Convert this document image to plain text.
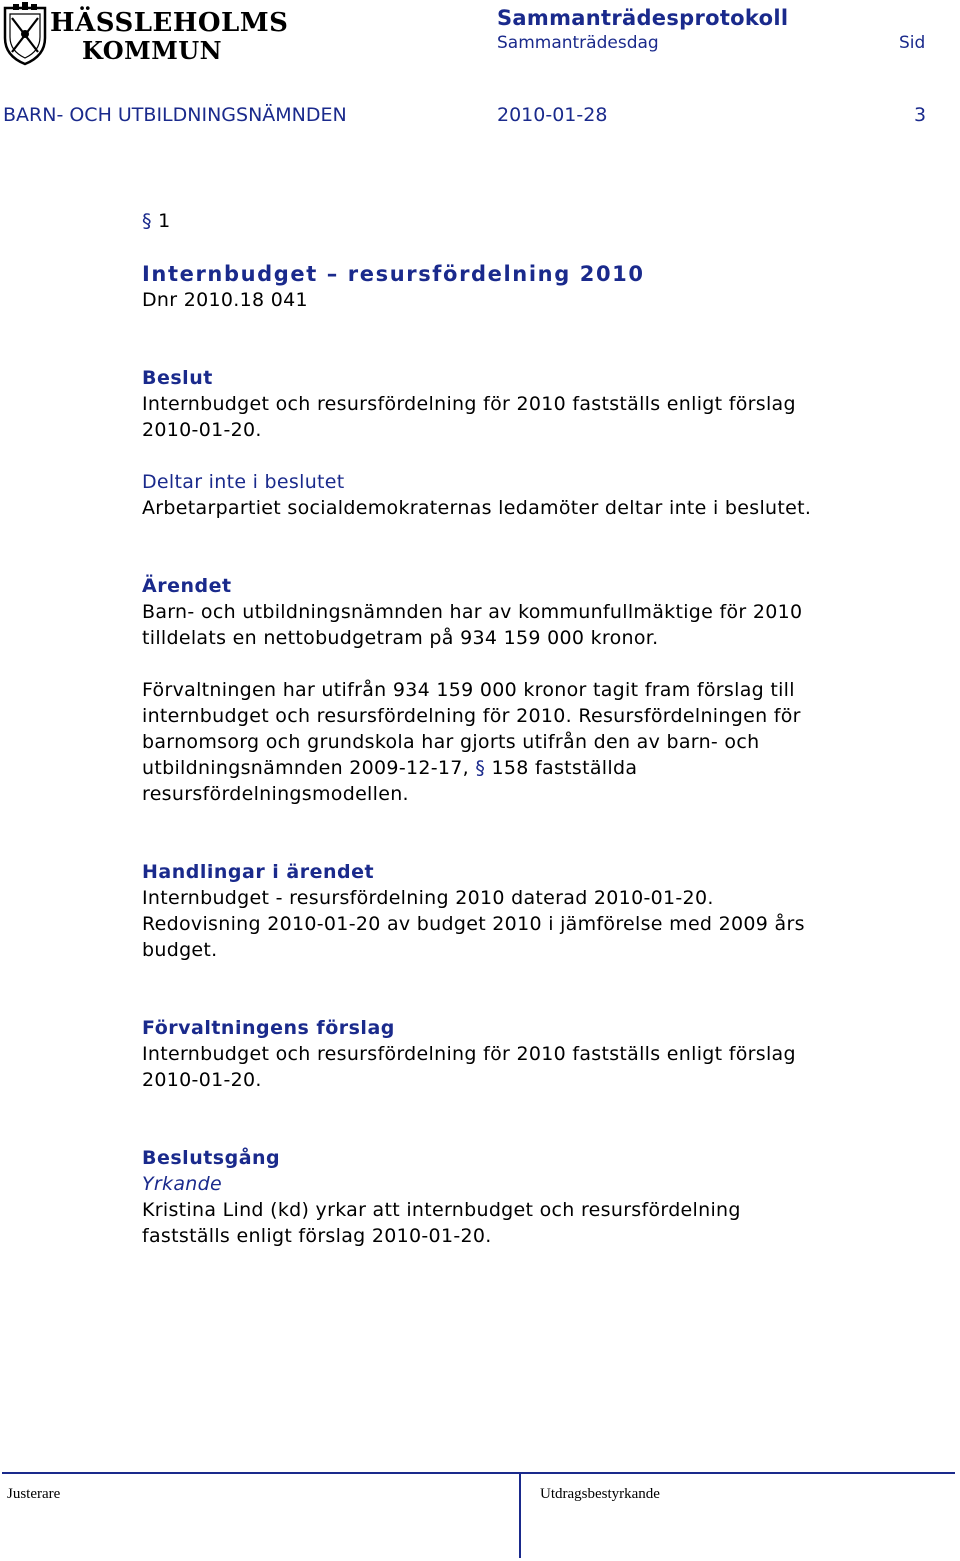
HÄSSLEHOLMS
KOMMUN
Sammanträdesprotokoll
Sammanträdesdag	Sid
BARN- OCH UTBILDNINGSNÄMNDEN	2010-01-28	3
§ 1
Internbudget – resursfördelning 2010
Dnr 2010.18 041
Beslut
Internbudget och resursfördelning för 2010 fastställs enligt förslag
2010-01-20.
Deltar inte i beslutet
Arbetarpartiet socialdemokraternas ledamöter deltar inte i beslutet.
Ärendet
Barn- och utbildningsnämnden har av kommunfullmäktige för 2010
tilldelats en nettobudgetram på 934 159 000 kronor.
Förvaltningen har utifrån 934 159 000 kronor tagit fram förslag till
internbudget och resursfördelning för 2010. Resursfördelningen för
barnomsorg och grundskola har gjorts utifrån den av barn- och
utbildningsnämnden 2009-12-17, § 158 fastställda
resursfördelningsmodellen.
Handlingar i ärendet
Internbudget - resursfördelning 2010 daterad 2010-01-20.
Redovisning 2010-01-20 av budget 2010 i jämförelse med 2009 års
budget.
Förvaltningens förslag
Internbudget och resursfördelning för 2010 fastställs enligt förslag
2010-01-20.
Beslutsgång
Yrkande
Kristina Lind (kd) yrkar att internbudget och resursfördelning
fastställs enligt förslag 2010-01-20.
Justerare	Utdragsbestyrkande
